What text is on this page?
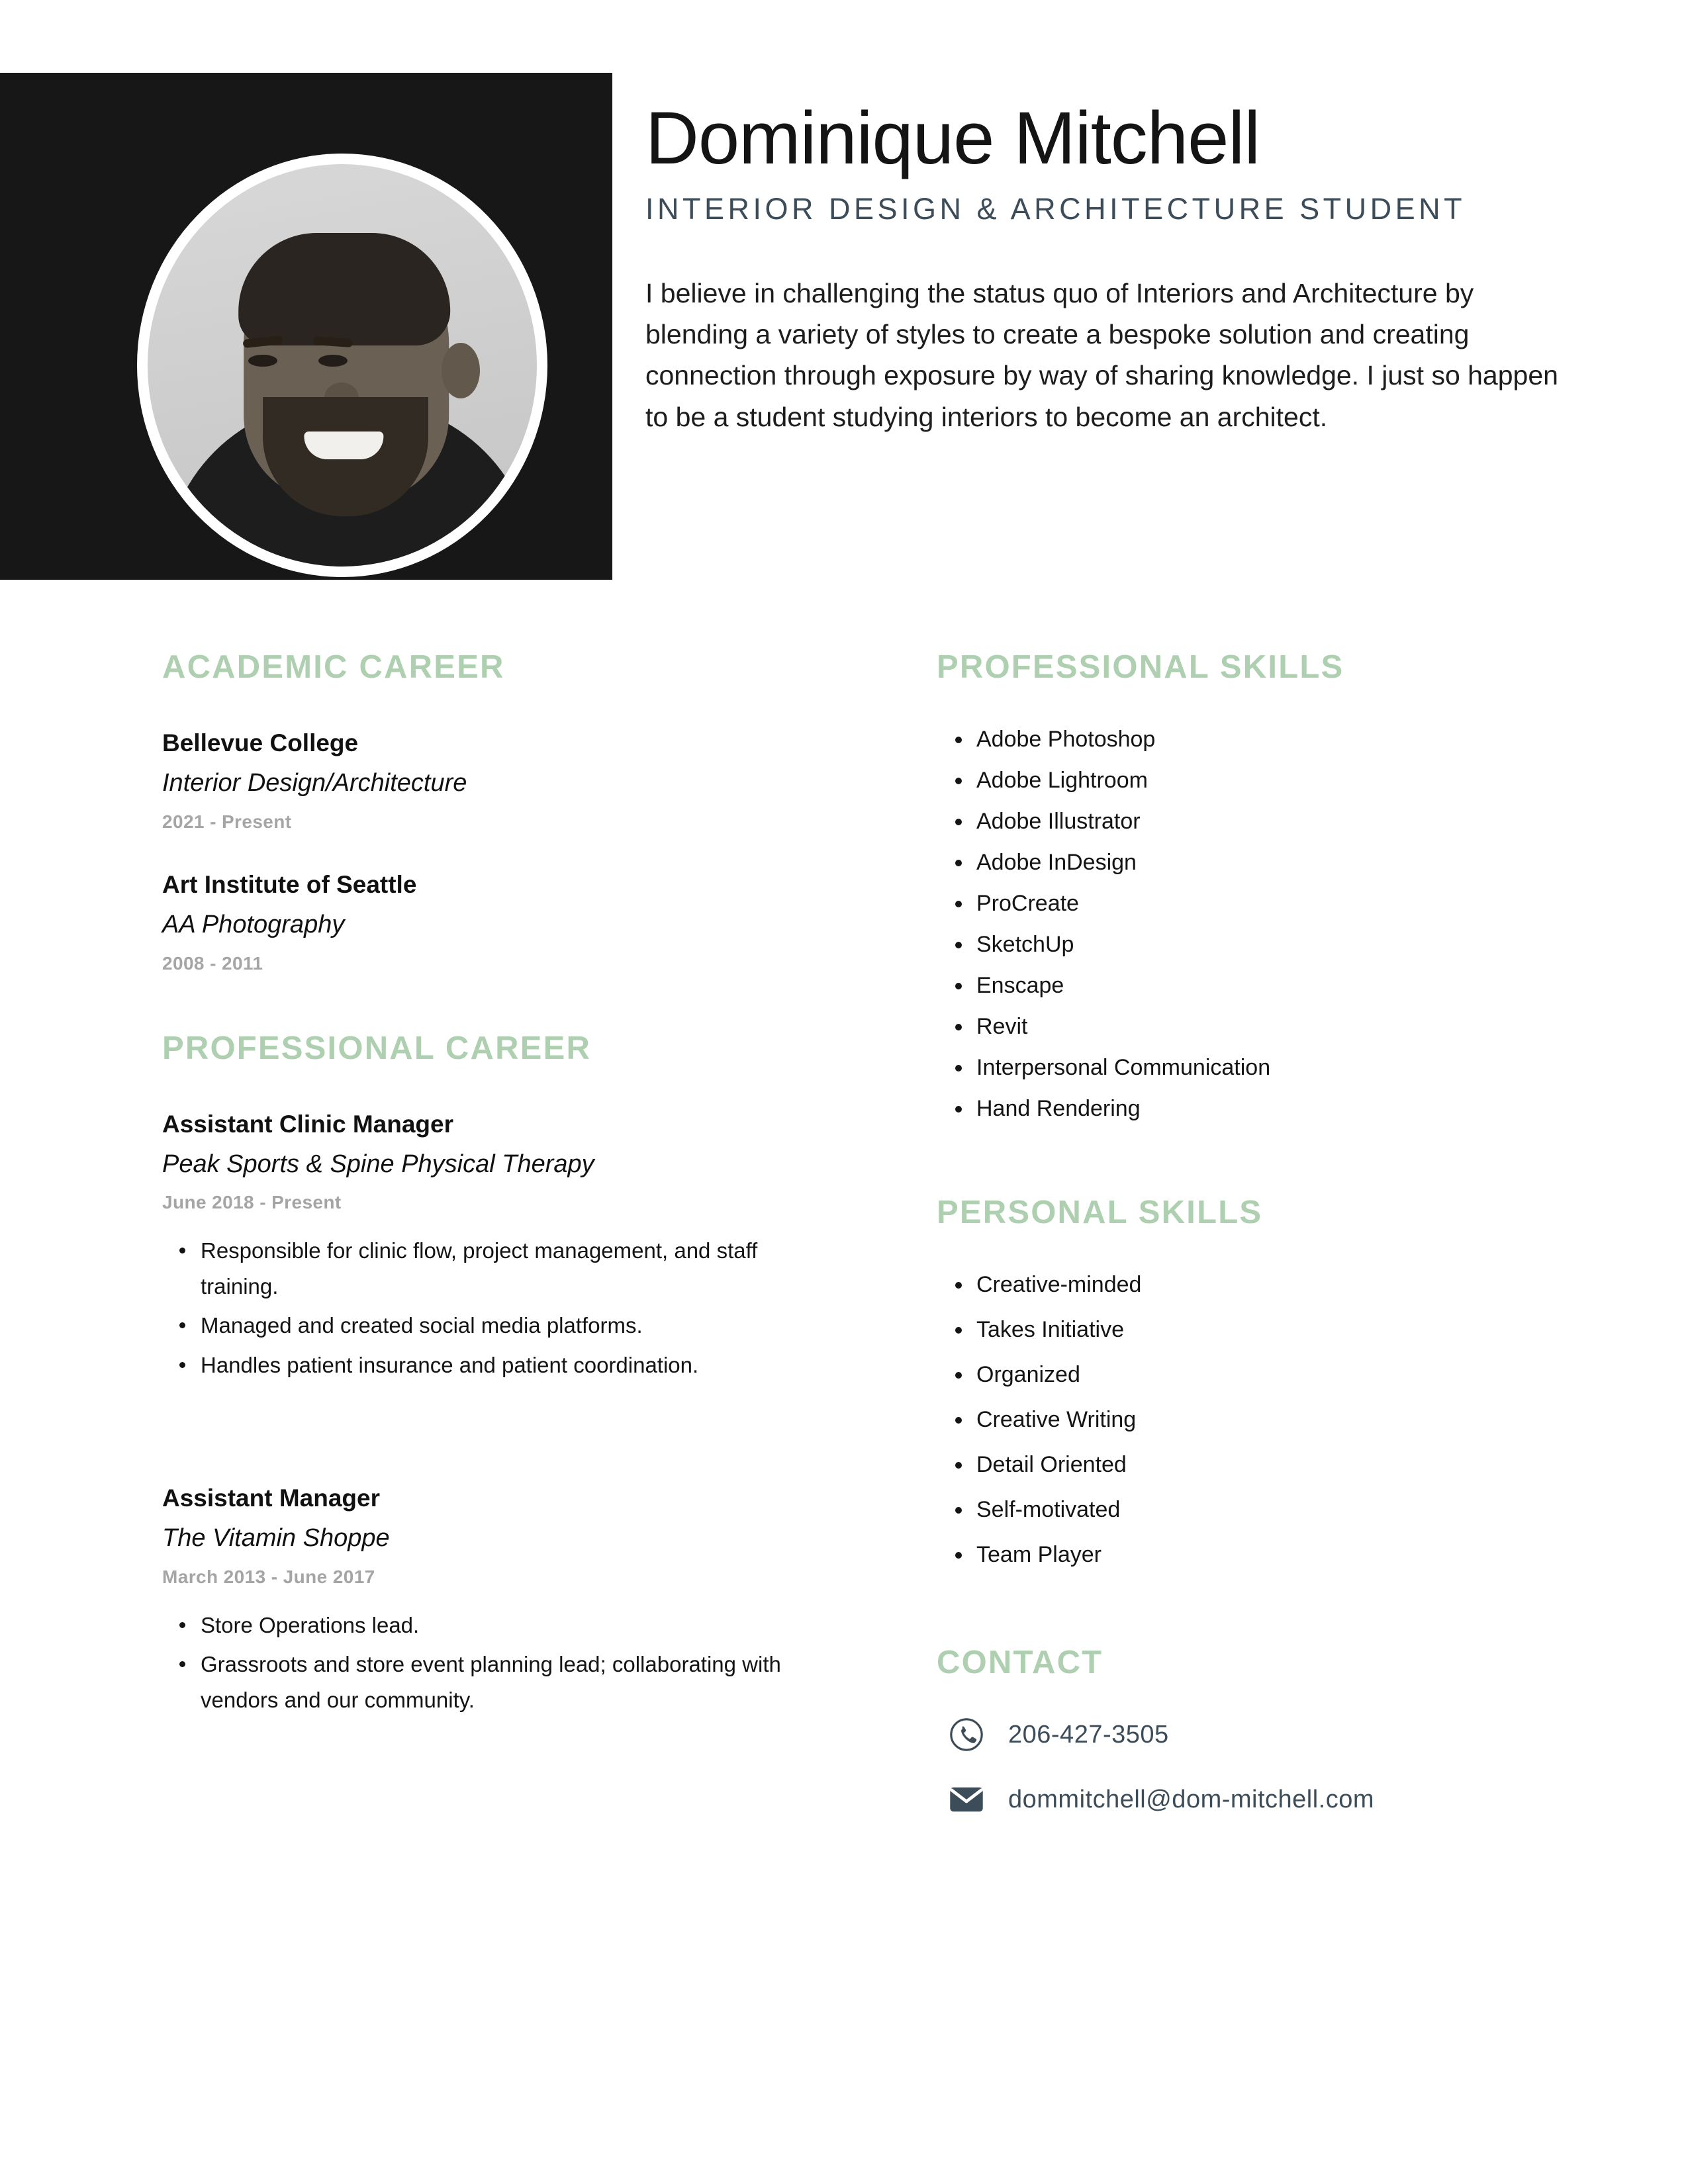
Dominique Mitchell
INTERIOR DESIGN & ARCHITECTURE STUDENT

I believe in challenging the status quo of Interiors and Architecture by blending a variety of styles to create a bespoke solution and creating connection through exposure by way of sharing knowledge. I just so happen to be a student studying interiors to become an architect.

ACADEMIC CAREER
Bellevue College
Interior Design/Architecture
2021 - Present
Art Institute of Seattle
AA Photography
2008 - 2011
PROFESSIONAL CAREER
Assistant Clinic Manager
Peak Sports & Spine Physical Therapy
June 2018 - Present
Responsible for clinic flow, project management, and staff training.
Managed and created social media platforms.
Handles patient insurance and patient coordination.
Assistant Manager
The Vitamin Shoppe
March 2013 - June 2017
Store Operations lead.
Grassroots and store event planning lead; collaborating with vendors and our community.
PROFESSIONAL SKILLS
Adobe Photoshop
Adobe Lightroom
Adobe Illustrator
Adobe InDesign
ProCreate
SketchUp
Enscape
Revit
Interpersonal Communication
Hand Rendering
PERSONAL SKILLS
Creative-minded
Takes Initiative
Organized
Creative Writing
Detail Oriented
Self-motivated
Team Player
CONTACT
206-427-3505
dommitchell@dom-mitchell.com
